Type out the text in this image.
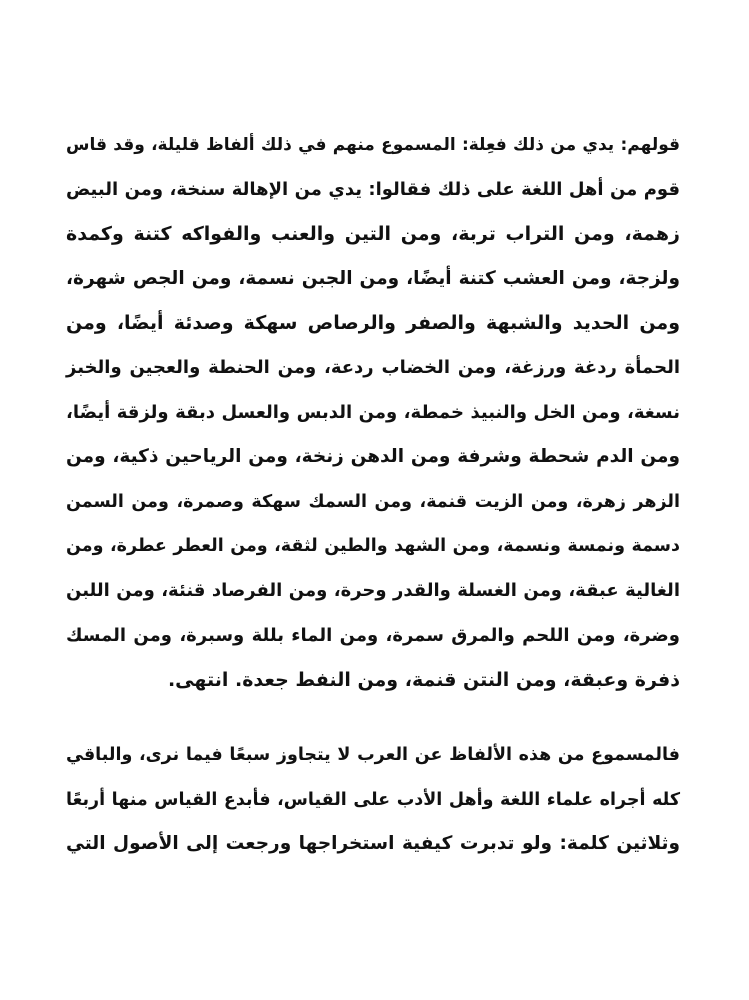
قولهم: يدي من ذلك فعِلة: المسموع منهم في ذلك ألفاظ قليلة، وقد قاس
قوم من أهل اللغة على ذلك فقالوا: يدي من الإهالة سنخة، ومن البيض
زهمة، ومن التراب تربة، ومن التين والعنب والفواكه كتنة وكمدة
ولزجة، ومن العشب كتنة أيضًا، ومن الجبن نسمة، ومن الجص شهرة،
ومن الحديد والشبهة والصفر والرصاص سهكة وصدئة أيضًا، ومن
الحمأة ردغة ورزغة، ومن الخضاب ردعة، ومن الحنطة والعجين والخبز
نسغة، ومن الخل والنبيذ خمطة، ومن الدبس والعسل دبقة ولزقة أيضًا،
ومن الدم شحطة وشرفة ومن الدهن زنخة، ومن الرياحين ذكية، ومن
الزهر زهرة، ومن الزيت قنمة، ومن السمك سهكة وصمرة، ومن السمن
دسمة ونمسة ونسمة، ومن الشهد والطين لثقة، ومن العطر عطرة، ومن
الغالية عبقة، ومن الغسلة والقدر وحرة، ومن الفرصاد قنئة، ومن اللبن
وضرة، ومن اللحم والمرق سمرة، ومن الماء بللة وسبرة، ومن المسك
ذفرة وعبقة، ومن النتن قنمة، ومن النفط جعدة. انتهى.
فالمسموع من هذه الألفاظ عن العرب لا يتجاوز سبعًا فيما نرى، والباقي
كله أجراه علماء اللغة وأهل الأدب على القياس، فأبدع القياس منها أربعًا
وثلاثين كلمة: ولو تدبرت كيفية استخراجها ورجعت إلى الأصول التي
